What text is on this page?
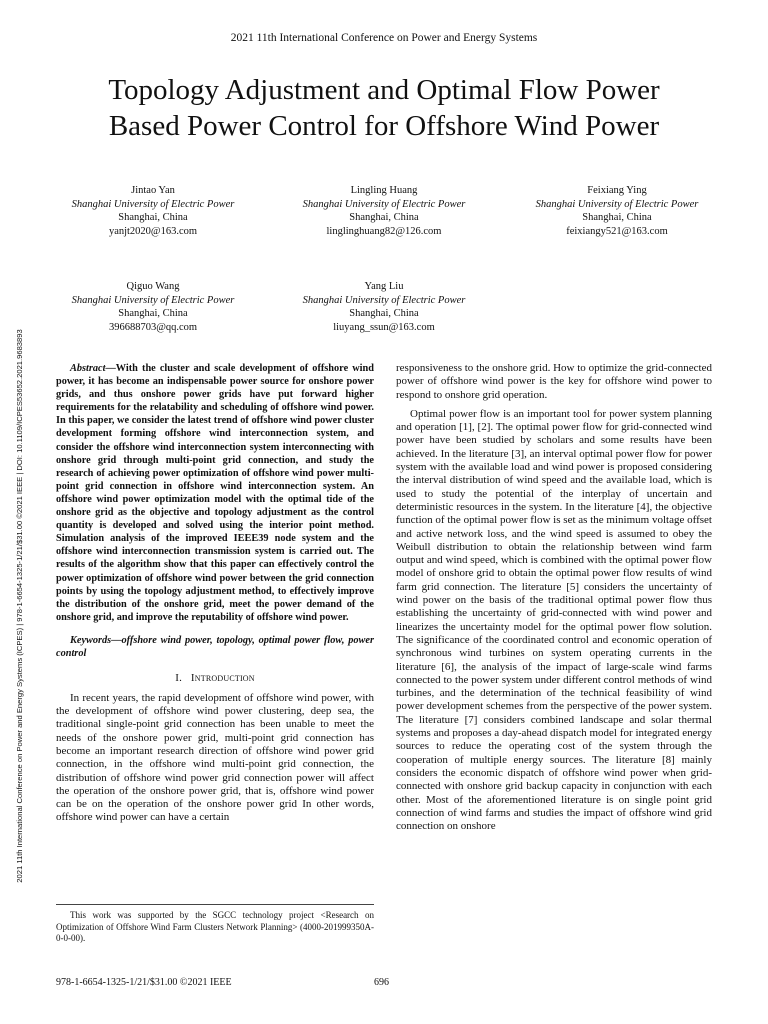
2021 11th International Conference on Power and Energy Systems
Topology Adjustment and Optimal Flow Power
Based Power Control for Offshore Wind Power
Jintao Yan
Shanghai University of Electric Power
Shanghai, China
yanjt2020@163.com
Lingling Huang
Shanghai University of Electric Power
Shanghai, China
linglinghuang82@126.com
Feixiang Ying
Shanghai University of Electric Power
Shanghai, China
feixiangy521@163.com
Qiguo Wang
Shanghai University of Electric Power
Shanghai, China
396688703@qq.com
Yang Liu
Shanghai University of Electric Power
Shanghai, China
liuyang_ssun@163.com
2021 11th International Conference on Power and Energy Systems (ICPES) | 978-1-6654-1325-1/21/$31.00 ©2021 IEEE | DOI: 10.1109/ICPES53652.2021.9683893	Abstract—With the cluster and scale development of offshore wind power, it has become an indispensable power source for onshore power grids, and thus onshore power grids have put forward higher requirements for the relatability and scheduling of offshore wind power. In this paper, we consider the latest trend of offshore wind power cluster development forming offshore wind interconnection system, and consider the offshore wind interconnection system interconnecting with onshore grid through multi-point grid connection, and study the research of achieving power optimization of offshore wind power multi-point grid connection in offshore wind interconnection system. An offshore wind power optimization model with the optimal tide of the onshore grid as the objective and topology adjustment as the control quantity is developed and solved using the interior point method. Simulation analysis of the improved IEEE39 node system and the offshore wind interconnection transmission system is carried out. The results of the algorithm show that this paper can effectively control the power optimization of offshore wind power between the grid connection points by using the topology adjustment method, to effectively improve the distribution of the onshore grid, meet the power demand of the onshore grid, and improve the reputability of offshore wind power.

Keywords—offshore wind power, topology, optimal power flow, power control

I. Introduction

In recent years, the rapid development of offshore wind power, with the development of offshore wind power clustering, deep sea, the traditional single-point grid connection has been unable to meet the needs of the onshore power grid, multi-point grid connection has become an important research direction of offshore wind power grid connection, in the offshore wind multi-point grid connection, the distribution of offshore wind power grid connection power will affect the operation of the onshore power grid, that is, offshore wind power can be on the operation of the onshore power grid In other words, offshore wind power can have a certain

This work was supported by the SGCC technology project <Research on Optimization of Offshore Wind Farm Clusters Network Planning> (4000-201999350A-0-0-00).

responsiveness to the onshore grid. How to optimize the grid-connected power of offshore wind power is the key for offshore wind power to respond to onshore grid operation.

Optimal power flow is an important tool for power system planning and operation [1], [2]. The optimal power flow for grid-connected wind power have been studied by scholars and some results have been achieved. In the literature [3], an interval optimal power flow for power system with the available load and wind power is proposed considering the interval distribution of wind speed and the available load, which is used to study the potential of the interplay of uncertain and deterministic resources in the system. In the literature [4], the objective function of the optimal power flow is set as the minimum voltage offset and active network loss, and the wind speed is assumed to obey the Weibull distribution to obtain the relationship between wind farm output and wind speed, which is combined with the optimal power flow model of onshore grid to obtain the optimal power flow results of wind farm grid connection. The literature [5] considers the uncertainty of wind power on the basis of the traditional optimal power flow thus establishing the uncertainty of grid-connected with wind power and linearizes the uncertainty model for the optimal power flow solution. The significance of the coordinated control and economic operation of synchronous wind turbines on system operating currents in the literature [6], the analysis of the impact of large-scale wind farms connected to the power system under different control methods of wind turbines, and the determination of the technical feasibility of wind power development schemes from the perspective of the power system. The literature [7] considers combined landscape and solar thermal systems and proposes a day-ahead dispatch model for integrated energy sources to reduce the operating cost of the system through the cooperation of multiple energy sources. The literature [8] mainly considers the economic dispatch of offshore wind power when grid-connected with onshore grid backup capacity in conjunction with each other. Most of the aforementioned literature is on single point grid connection of wind farms and studies the impact of offshore wind grid connection on onshore

978-1-6654-1325-1/21/$31.00 ©2021 IEEE	696
